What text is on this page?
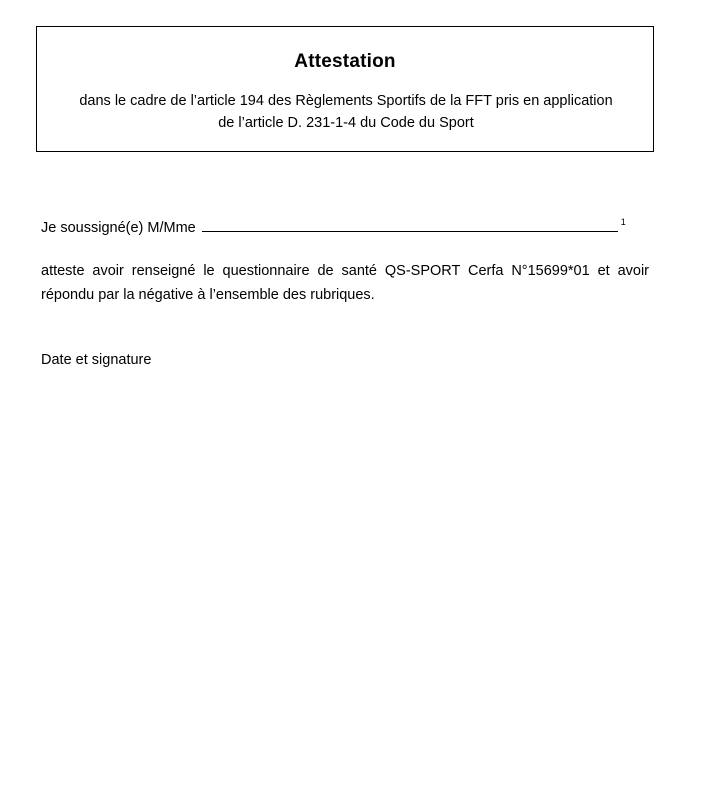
Attestation
dans le cadre de l’article 194 des Règlements Sportifs de la FFT pris en application
de l’article D. 231-1-4 du Code du Sport
Je soussigné(e) M/Mme	1
atteste avoir renseigné le questionnaire de santé QS-SPORT Cerfa N°15699*01 et avoir répondu par la négative à l’ensemble des rubriques.
Date et signature
